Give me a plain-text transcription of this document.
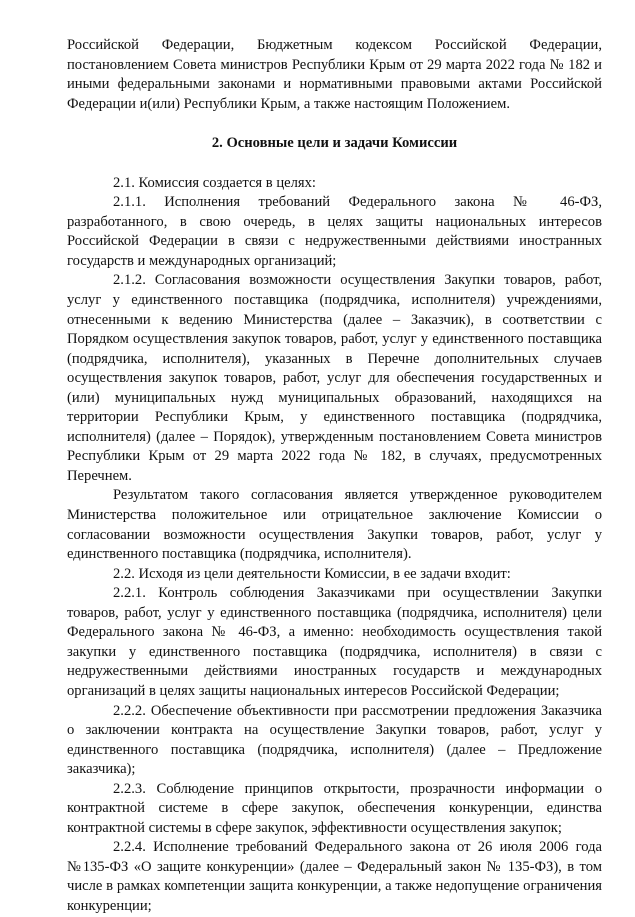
Российской Федерации, Бюджетным кодексом Российской Федерации, постановлением Совета министров Республики Крым от 29 марта 2022 года № 182 и иными федеральными законами и нормативными правовыми актами Российской Федерации и(или) Республики Крым, а также настоящим Положением.

2. Основные цели и задачи Комиссии

2.1. Комиссия создается в целях:

2.1.1. Исполнения требований Федерального закона № 46-ФЗ, разработанного, в свою очередь, в целях защиты национальных интересов Российской Федерации в связи с недружественными действиями иностранных государств и международных организаций;

2.1.2. Согласования возможности осуществления Закупки товаров, работ, услуг у единственного поставщика (подрядчика, исполнителя) учреждениями, отнесенными к ведению Министерства (далее – Заказчик), в соответствии с Порядком осуществления закупок товаров, работ, услуг у единственного поставщика (подрядчика, исполнителя), указанных в Перечне дополнительных случаев осуществления закупок товаров, работ, услуг для обеспечения государственных и (или) муниципальных нужд муниципальных образований, находящихся на территории Республики Крым, у единственного поставщика (подрядчика, исполнителя) (далее – Порядок), утвержденным постановлением Совета министров Республики Крым от 29 марта 2022 года № 182, в случаях, предусмотренных Перечнем.

Результатом такого согласования является утвержденное руководителем Министерства положительное или отрицательное заключение Комиссии о согласовании возможности осуществления Закупки товаров, работ, услуг у единственного поставщика (подрядчика, исполнителя).

2.2. Исходя из цели деятельности Комиссии, в ее задачи входит:

2.2.1. Контроль соблюдения Заказчиками при осуществлении Закупки товаров, работ, услуг у единственного поставщика (подрядчика, исполнителя) цели Федерального закона № 46-ФЗ, а именно: необходимость осуществления такой закупки у единственного поставщика (подрядчика, исполнителя) в связи с недружественными действиями иностранных государств и международных организаций в целях защиты национальных интересов Российской Федерации;

2.2.2. Обеспечение объективности при рассмотрении предложения Заказчика о заключении контракта на осуществление Закупки товаров, работ, услуг у единственного поставщика (подрядчика, исполнителя) (далее – Предложение заказчика);

2.2.3. Соблюдение принципов открытости, прозрачности информации о контрактной системе в сфере закупок, обеспечения конкуренции, единства контрактной системы в сфере закупок, эффективности осуществления закупок;

2.2.4. Исполнение требований Федерального закона от 26 июля 2006 года №135-ФЗ «О защите конкуренции» (далее – Федеральный закон № 135-ФЗ), в том числе в рамках компетенции защита конкуренции, а также недопущение ограничения конкуренции;
